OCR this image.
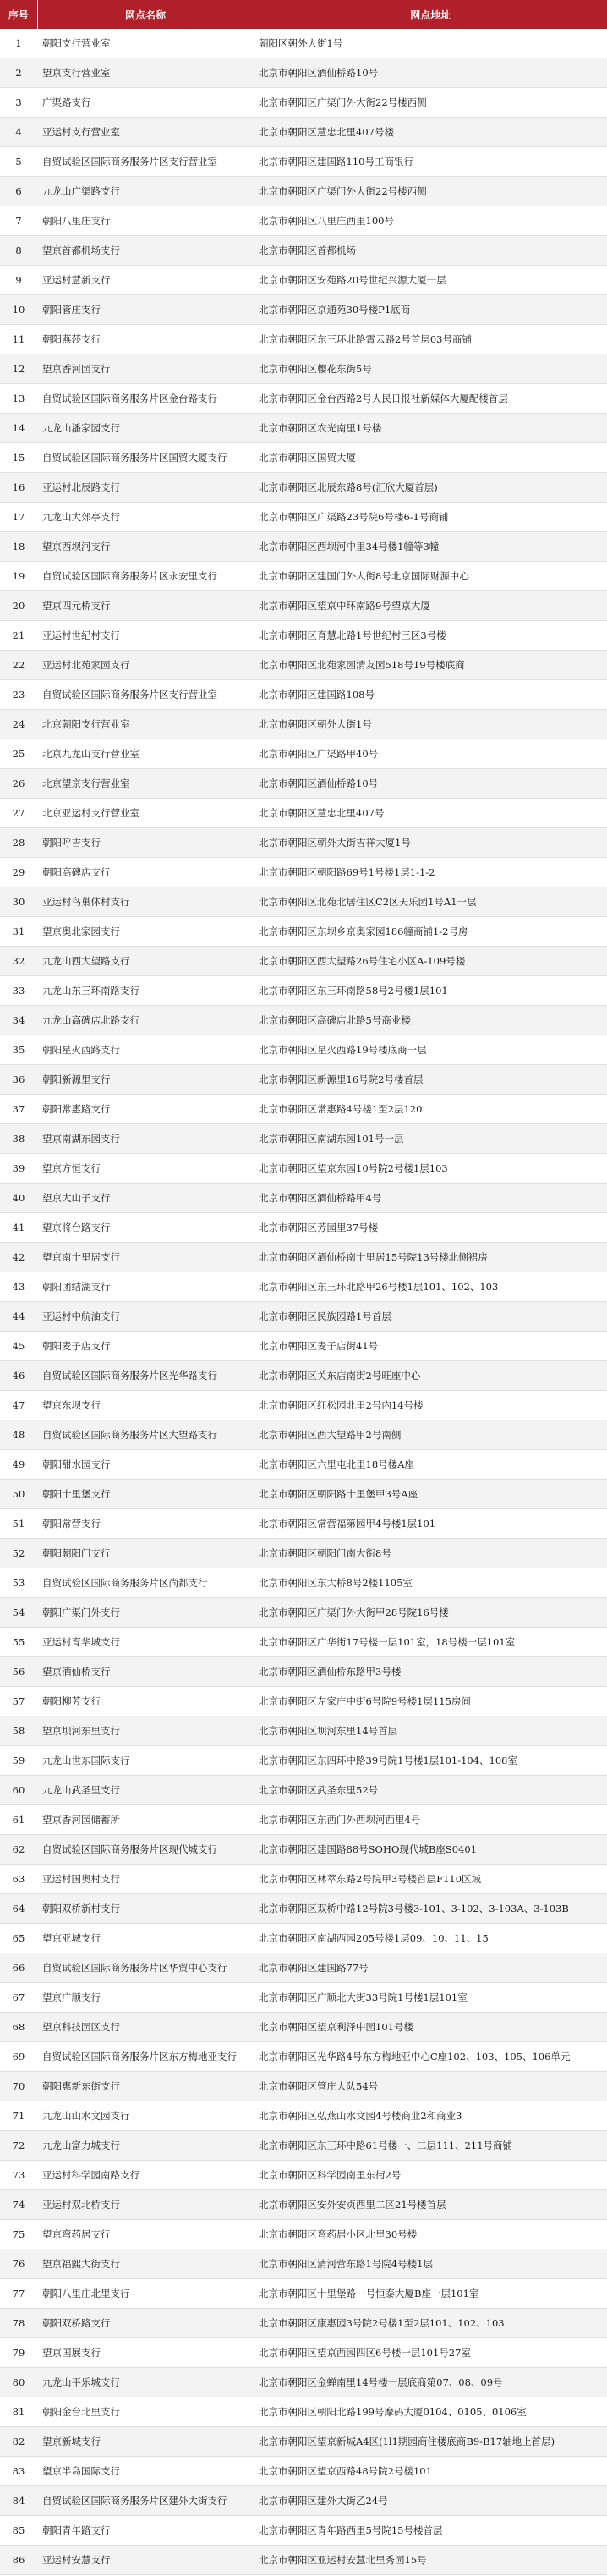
序号	网点名称	网点地址
1	朝阳支行营业室	朝阳区朝外大街1号
2	望京支行营业室	北京市朝阳区酒仙桥路10号
3	广渠路支行	北京市朝阳区广渠门外大街22号楼西侧
4	亚运村支行营业室	北京市朝阳区慧忠北里407号楼
5	自贸试验区国际商务服务片区支行营业室	北京市朝阳区建国路110号工商银行
6	九龙山广渠路支行	北京市朝阳区广渠门外大街22号楼西侧
7	朝阳八里庄支行	北京市朝阳区八里庄西里100号
8	望京首都机场支行	北京市朝阳区首都机场
9	亚运村慧新支行	北京市朝阳区安苑路20号世纪兴源大厦一层
10	朝阳管庄支行	北京市朝阳区京通苑30号楼P1底商
11	朝阳燕莎支行	北京市朝阳区东三环北路霄云路2号首层03号商铺
12	望京香河园支行	北京市朝阳区樱花东街5号
13	自贸试验区国际商务服务片区金台路支行	北京市朝阳区金台西路2号人民日报社新媒体大厦配楼首层
14	九龙山潘家园支行	北京市朝阳区农光南里1号楼
15	自贸试验区国际商务服务片区国贸大厦支行	北京市朝阳区国贸大厦
16	亚运村北辰路支行	北京市朝阳区北辰东路8号(汇欣大厦首层)
17	九龙山大郊亭支行	北京市朝阳区广渠路23号院6号楼6-1号商铺
18	望京西坝河支行	北京市朝阳区西坝河中里34号楼1幢等3幢
19	自贸试验区国际商务服务片区永安里支行	北京市朝阳区建国门外大街8号北京国际财源中心
20	望京四元桥支行	北京市朝阳区望京中环南路9号望京大厦
21	亚运村世纪村支行	北京市朝阳区育慧北路1号世纪村三区3号楼
22	亚运村北苑家园支行	北京市朝阳区北苑家园清友园518号19号楼底商
23	自贸试验区国际商务服务片区支行营业室	北京市朝阳区建国路108号
24	北京朝阳支行营业室	北京市朝阳区朝外大街1号
25	北京九龙山支行营业室	北京市朝阳区广渠路甲40号
26	北京望京支行营业室	北京市朝阳区酒仙桥路10号
27	北京亚运村支行营业室	北京市朝阳区慧忠北里407号
28	朝阳呼吉支行	北京市朝阳区朝外大街吉祥大厦1号
29	朝阳高碑店支行	北京市朝阳区朝阳路69号1号楼1层1-1-2
30	亚运村鸟巢体村支行	北京市朝阳区北苑北居住区C2区天乐园1号A1一层
31	望京奥北家园支行	北京市朝阳区东坝乡京奥家园186幢商铺1-2号房
32	九龙山西大望路支行	北京市朝阳区西大望路26号住宅小区A-109号楼
33	九龙山东三环南路支行	北京市朝阳区东三环南路58号2号楼1层101
34	九龙山高碑店北路支行	北京市朝阳区高碑店北路5号商业楼
35	朝阳星火西路支行	北京市朝阳区星火西路19号楼底商一层
36	朝阳新源里支行	北京市朝阳区新源里16号院2号楼首层
37	朝阳常惠路支行	北京市朝阳区常惠路4号楼1至2层120
38	望京南湖东园支行	北京市朝阳区南湖东园101号一层
39	望京方恒支行	北京市朝阳区望京东园10号院2号楼1层103
40	望京大山子支行	北京市朝阳区酒仙桥路甲4号
41	望京将台路支行	北京市朝阳区芳园里37号楼
42	望京南十里居支行	北京市朝阳区酒仙桥南十里居15号院13号楼北侧裙房
43	朝阳团结湖支行	北京市朝阳区东三环北路甲26号楼1层101、102、103
44	亚运村中航油支行	北京市朝阳区民族园路1号首层
45	朝阳麦子店支行	北京市朝阳区麦子店街41号
46	自贸试验区国际商务服务片区光华路支行	北京市朝阳区关东店南街2号旺座中心
47	望京东坝支行	北京市朝阳区红松园北里2号内14号楼
48	自贸试验区国际商务服务片区大望路支行	北京市朝阳区西大望路甲2号南侧
49	朝阳甜水园支行	北京市朝阳区六里屯北里18号楼A座
50	朝阳十里堡支行	北京市朝阳区朝阳路十里堡甲3号A座
51	朝阳常营支行	北京市朝阳区常营福第园甲4号楼1层101
52	朝阳朝阳门支行	北京市朝阳区朝阳门南大街8号
53	自贸试验区国际商务服务片区尚都支行	北京市朝阳区东大桥8号2楼1105室
54	朝阳广渠门外支行	北京市朝阳区广渠门外大街甲28号院16号楼
55	亚运村育华城支行	北京市朝阳区广华街17号楼一层101室，18号楼一层101室
56	望京酒仙桥支行	北京市朝阳区酒仙桥东路甲3号楼
57	朝阳柳芳支行	北京市朝阳区左家庄中街6号院9号楼1层115房间
58	望京坝河东里支行	北京市朝阳区坝河东里14号首层
59	九龙山世东国际支行	北京市朝阳区东四环中路39号院1号楼1层101-104、108室
60	九龙山武圣里支行	北京市朝阳区武圣东里52号
61	望京香河园储蓄所	北京市朝阳区东西门外西坝河西里4号
62	自贸试验区国际商务服务片区现代城支行	北京市朝阳区建国路88号SOHO现代城B座S0401
63	亚运村国奥村支行	北京市朝阳区林萃东路2号院甲3号楼首层F110区域
64	朝阳双桥新村支行	北京市朝阳区双桥中路12号院3号楼3-101、3-102、3-103A、3-103B
65	望京亚城支行	北京市朝阳区南湖西园205号楼1层09、10、11、15
66	自贸试验区国际商务服务片区华贸中心支行	北京市朝阳区建国路77号
67	望京广顺支行	北京市朝阳区广顺北大街33号院1号楼1层101室
68	望京科技园区支行	北京市朝阳区望京利泽中园101号楼
69	自贸试验区国际商务服务片区东方梅地亚支行	北京市朝阳区光华路4号东方梅地亚中心C座102、103、105、106单元
70	朝阳惠新东街支行	北京市朝阳区管庄大队54号
71	九龙山山水文园支行	北京市朝阳区弘燕山水文园4号楼商业2和商业3
72	九龙山富力城支行	北京市朝阳区东三环中路61号楼一、二层111、211号商铺
73	亚运村科学园南路支行	北京市朝阳区科学园南里东街2号
74	亚运村双北桥支行	北京市朝阳区安外安贞西里二区21号楼首层
75	望京弯药居支行	北京市朝阳区弯药居小区北里30号楼
76	望京福熙大街支行	北京市朝阳区清河营东路1号院4号楼1层
77	朝阳八里庄北里支行	北京市朝阳区十里堡路一号恒泰大厦B座一层101室
78	朝阳双桥路支行	北京市朝阳区康惠园3号院2号楼1至2层101、102、103
79	望京国展支行	北京市朝阳区望京西园四区6号楼一层101号27室
80	九龙山平乐城支行	北京市朝阳区金蝉南里14号楼一层底商第07、08、09号
81	朝阳金台北里支行	北京市朝阳区朝阳北路199号摩码大厦0104、0105、0106室
82	望京新城支行	北京市朝阳区望京新城A4区(1l1期园商住楼底商B9-B17轴地上首层)
83	望京半岛国际支行	北京市朝阳区望京西路48号院2号楼101
84	自贸试验区国际商务服务片区建外大街支行	北京市朝阳区建外大街乙24号
85	朝阳青年路支行	北京市朝阳区青年路西里5号院15号楼首层
86	亚运村安慧支行	北京市朝阳区亚运村安慧北里秀园15号
